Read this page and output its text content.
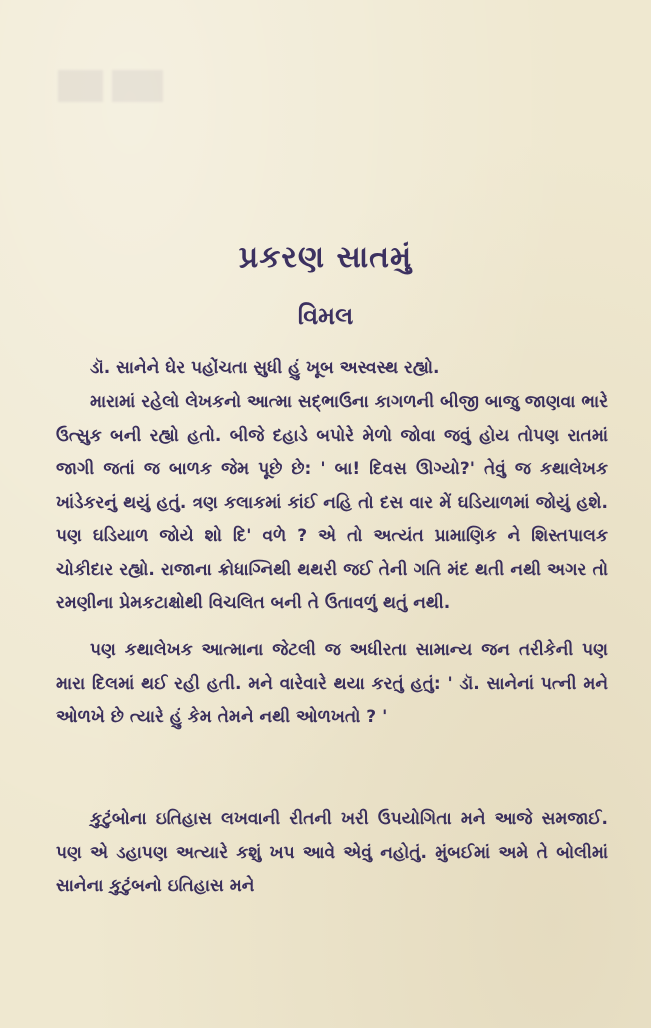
પ્રકરણ સાતમું
વિમલ
ડૉ. સાનેને ઘેર પહોંચતા સુધી હું ખૂબ અસ્વસ્થ રહ્યો.
મારામાં રહેલો લેખકનો આત્મા સદ્ભાઉના કાગળની બીજી બાજુ જાણવા ભારે ઉત્સુક બની રહ્યો હતો. બીજે દહાડે બપોરે મેળો જોવા જવું હોય તોપણ રાતમાં જાગી જતાં જ બાળક જેમ પૂછે છે: ' બા! દિવસ ઊગ્યો?' તેવું જ કથાલેખક ખાંડેકરનું થયું હતું. ત્રણ કલાકમાં કાંઈ નહિ તો દસ વાર મેં ઘડિયાળમાં જોયું હશે. પણ ઘડિયાળ જોયે શો દિ' વળે ? એ તો અત્યંત પ્રામાણિક ને શિસ્તપાલક ચોકીદાર રહ્યો. રાજાના ક્રોધાગ્નિથી થથરી જઈ તેની ગતિ મંદ થતી નથી અગર તો રમણીના પ્રેમકટાક્ષોથી વિચલિત બની તે ઉતાવળું થતું નથી.
પણ કથાલેખક આત્માના જેટલી જ અધીરતા સામાન્ય જન તરીકેની પણ મારા દિલમાં થઈ રહી હતી. મને વારેવારે થયા કરતું હતું: ' ડૉ. સાનેનાં પત્ની મને ઓળખે છે ત્યારે હું કેમ તેમને નથી ઓળખતો ? '
કુટુંબોના ઇતિહાસ લખવાની રીતની ખરી ઉપયોગિતા મને આજે સમજાઈ. પણ એ ડહાપણ અત્યારે કશું ખપ આવે એવું નહોતું. મુંબઈમાં અમે તે બોલીમાં સાનેના કુટુંબનો ઇતિહાસ મને
